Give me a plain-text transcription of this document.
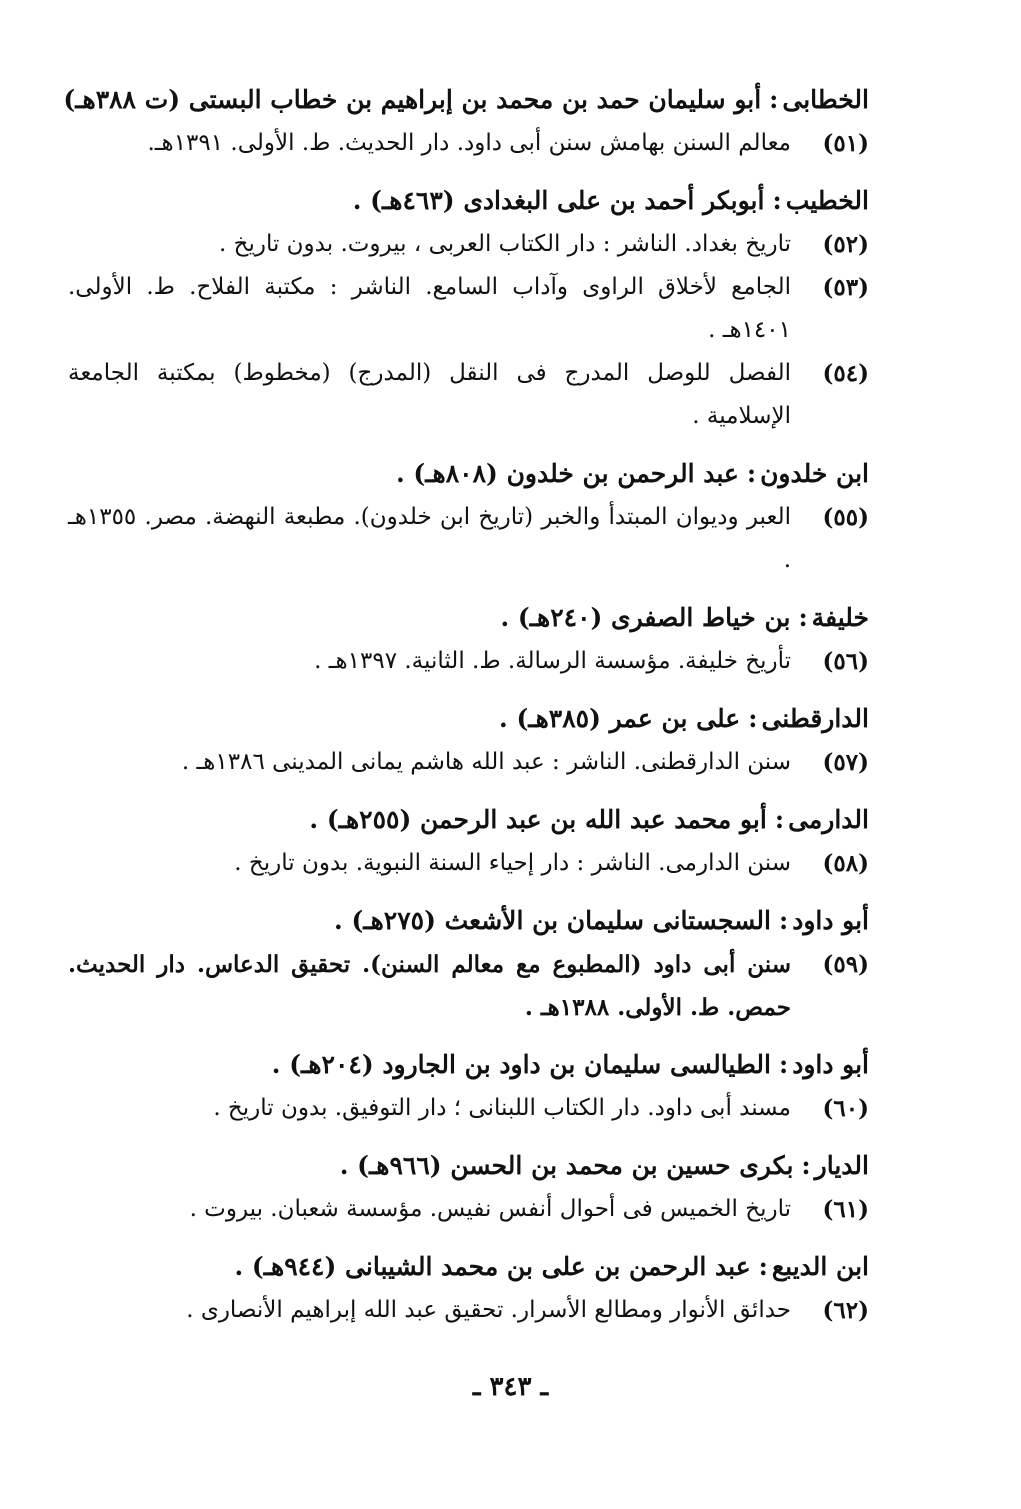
الخطابى:أبو سليمان حمد بن محمد بن إبراهيم بن خطاب البستى (ت ٣٨٨هـ)
(٥١)
معالم السنن بهامش سنن أبى داود. دار الحديث. ط. الأولى. ١٣٩١هـ.
الخطيب:أبوبكر أحمد بن على البغدادى (٤٦٣هـ) .
(٥٢)
تاريخ بغداد. الناشر : دار الكتاب العربى ، بيروت. بدون تاريخ .
(٥٣)
الجامع لأخلاق الراوى وآداب السامع. الناشر : مكتبة الفلاح. ط. الأولى. ١٤٠١هـ .
(٥٤)
الفصل للوصل المدرج فى النقل (المدرج) (مخطوط) بمكتبة الجامعة الإسلامية .
ابن خلدون:عبد الرحمن بن خلدون (٨٠٨هـ) .
(٥٥)
العبر وديوان المبتدأ والخبر (تاريخ ابن خلدون). مطبعة النهضة. مصر. ١٣٥٥هـ .
خليفة:بن خياط الصفرى (٢٤٠هـ) .
(٥٦)
تأريخ خليفة. مؤسسة الرسالة. ط. الثانية. ١٣٩٧هـ .
الدارقطنى:على بن عمر (٣٨٥هـ) .
(٥٧)
سنن الدارقطنى. الناشر : عبد الله هاشم يمانى المدينى ١٣٨٦هـ .
الدارمى:أبو محمد عبد الله بن عبد الرحمن (٢٥٥هـ) .
(٥٨)
سنن الدارمى. الناشر : دار إحياء السنة النبوية. بدون تاريخ .
أبو داود:السجستانى سليمان بن الأشعث (٢٧٥هـ) .
(٥٩)
سنن أبى داود (المطبوع مع معالم السنن). تحقيق الدعاس. دار الحديث. حمص. ط. الأولى. ١٣٨٨هـ .
أبو داود:الطيالسى سليمان بن داود بن الجارود (٢٠٤هـ) .
(٦٠)
مسند أبى داود. دار الكتاب اللبنانى ؛ دار التوفيق. بدون تاريخ .
الديار:بكرى حسين بن محمد بن الحسن (٩٦٦هـ) .
(٦١)
تاريخ الخميس فى أحوال أنفس نفيس. مؤسسة شعبان. بيروت .
ابن الديبع:عبد الرحمن بن على بن محمد الشيبانى (٩٤٤هـ) .
(٦٢)
حدائق الأنوار ومطالع الأسرار. تحقيق عبد الله إبراهيم الأنصارى .
ـ ٣٤٣ ـ
